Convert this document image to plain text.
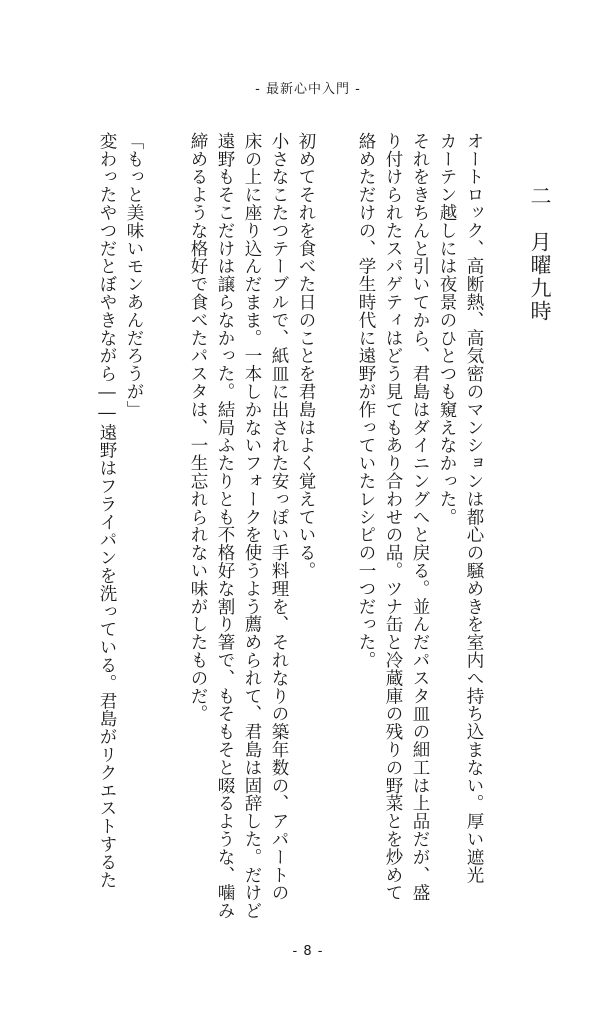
- 最新心中入門 -
二　月曜九時
オートロック、高断熱、高気密のマンションは都心の騒めきを室内へ持ち込まない。厚い遮光
カーテン越しには夜景のひとつも窺えなかった。
それをきちんと引いてから、君島はダイニングへと戻る。並んだパスタ皿の細工は上品だが、盛
り付けられたスパゲティはどう見てもあり合わせの品。ツナ缶と冷蔵庫の残りの野菜とを炒めて
絡めただけの、学生時代に遠野が作っていたレシピの一つだった。
初めてそれを食べた日のことを君島はよく覚えている。
小さなこたつテーブルで、紙皿に出された安っぽい手料理を、それなりの築年数の、アパートの
床の上に座り込んだまま。一本しかないフォークを使うよう薦められて、君島は固辞した。だけど
遠野もそこだけは譲らなかった。結局ふたりとも不格好な割り箸で、もそもそと啜るような、噛み
締めるような格好で食べたパスタは、一生忘れられない味がしたものだ。
「もっと美味いモンあんだろうが」
変わったやつだとぼやきながら――遠野はフライパンを洗っている。君島がリクエストするた
- 8 -
